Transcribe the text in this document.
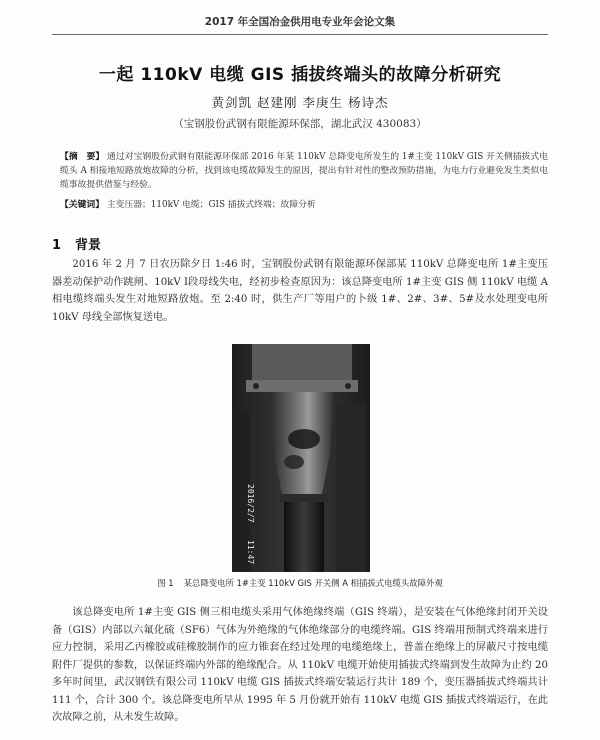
2017 年全国冶金供用电专业年会论文集
一起 110kV 电缆 GIS 插拔终端头的故障分析研究
黄剑凯 赵建刚 李庚生 杨诗杰
（宝钢股份武钢有限能源环保部，湖北武汉 430083）
【摘　要】 通过对宝钢股份武钢有限能源环保部 2016 年某 110kV 总降变电所发生的 1#主变 110kV GIS 开关侧插拔式电缆头 A 相接地短路放炮故障的分析，找到该电缆故障发生的原因，提出有针对性的整改预防措施，为电力行业避免发生类似电缆事故提供借鉴与经验。
【关键词】 主变压器；110kV 电缆；GIS 插拔式终端；故障分析
1 背景
2016 年 2 月 7 日农历除夕日 1:46 时，宝钢股份武钢有限能源环保部某 110kV 总降变电所 1#主变压器差动保护动作跳闸、10kV Ⅰ段母线失电，经初步检查原因为：该总降变电所 1#主变 GIS 侧 110kV 电缆 A 相电缆终端头发生对地短路放炮。至 2:40 时，供生产厂等用户的卜级 1#、2#、3#、5#及水处理变电所 10kV 母线全部恢复送电。
2016/2/7
11:47
图 1 某总降变电所 1#主变 110kV GIS 开关侧 A 相插拔式电缆头故障外观
该总降变电所 1#主变 GIS 侧三相电缆头采用气体绝缘终端（GIS 终端），是安装在气体绝缘封闭开关设备（GIS）内部以六氟化硫（SF6）气体为外绝缘的气体绝缘部分的电缆终端。GIS 终端用预制式终端来进行应力控制，采用乙丙橡胶或硅橡胶制作的应力锥套在经过处理的电缆绝缘上，普盖在绝缘上的屏蔽尺寸按电缆附件厂提供的参数，以保证终端内外部的绝缘配合。从 110kV 电缆开始使用插拔式终端到发生故障为止约 20 多年时间里，武汉钢铁有限公司 110kV 电缆 GIS 插拔式终端安装运行共计 189 个，变压器插拔式终端共计 111 个，合计 300 个。该总降变电所早从 1995 年 5 月份就开始有 110kV 电缆 GIS 插拔式终端运行，在此次故障之前，从未发生故障。
